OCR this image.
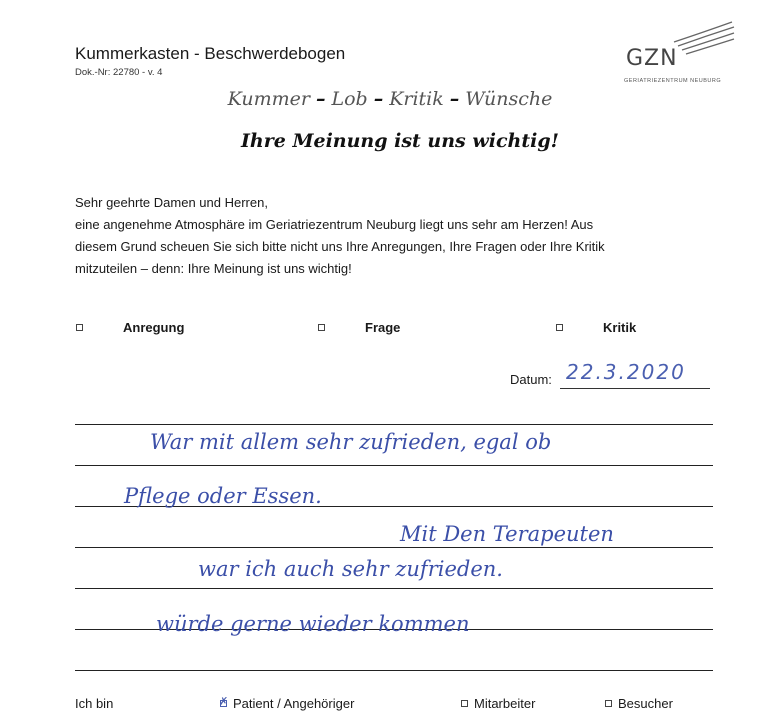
Kummerkasten - Beschwerdebogen
Dok.-Nr: 22780 - v. 4
GZN
GERIATRIEZENTRUM NEUBURG
Kummer – Lob – Kritik – Wünsche
Ihre Meinung ist uns wichtig!

Sehr geehrte Damen und Herren,

eine angenehme Atmosphäre im Geriatriezentrum Neuburg liegt uns sehr am Herzen! Aus

diesem Grund scheuen Sie sich bitte nicht uns Ihre Anregungen, Ihre Fragen oder Ihre Kritik

mitzuteilen – denn: Ihre Meinung ist uns wichtig!

Anregung	Frage	Kritik
Datum: 22.3.2020
War mit allem sehr zufrieden, egal ob
Pflege oder Essen.
Mit Den Terapeuten
war ich auch sehr zufrieden.
würde gerne wieder kommen
Ich bin
✗	Patient / Angehöriger	Mitarbeiter	Besucher
